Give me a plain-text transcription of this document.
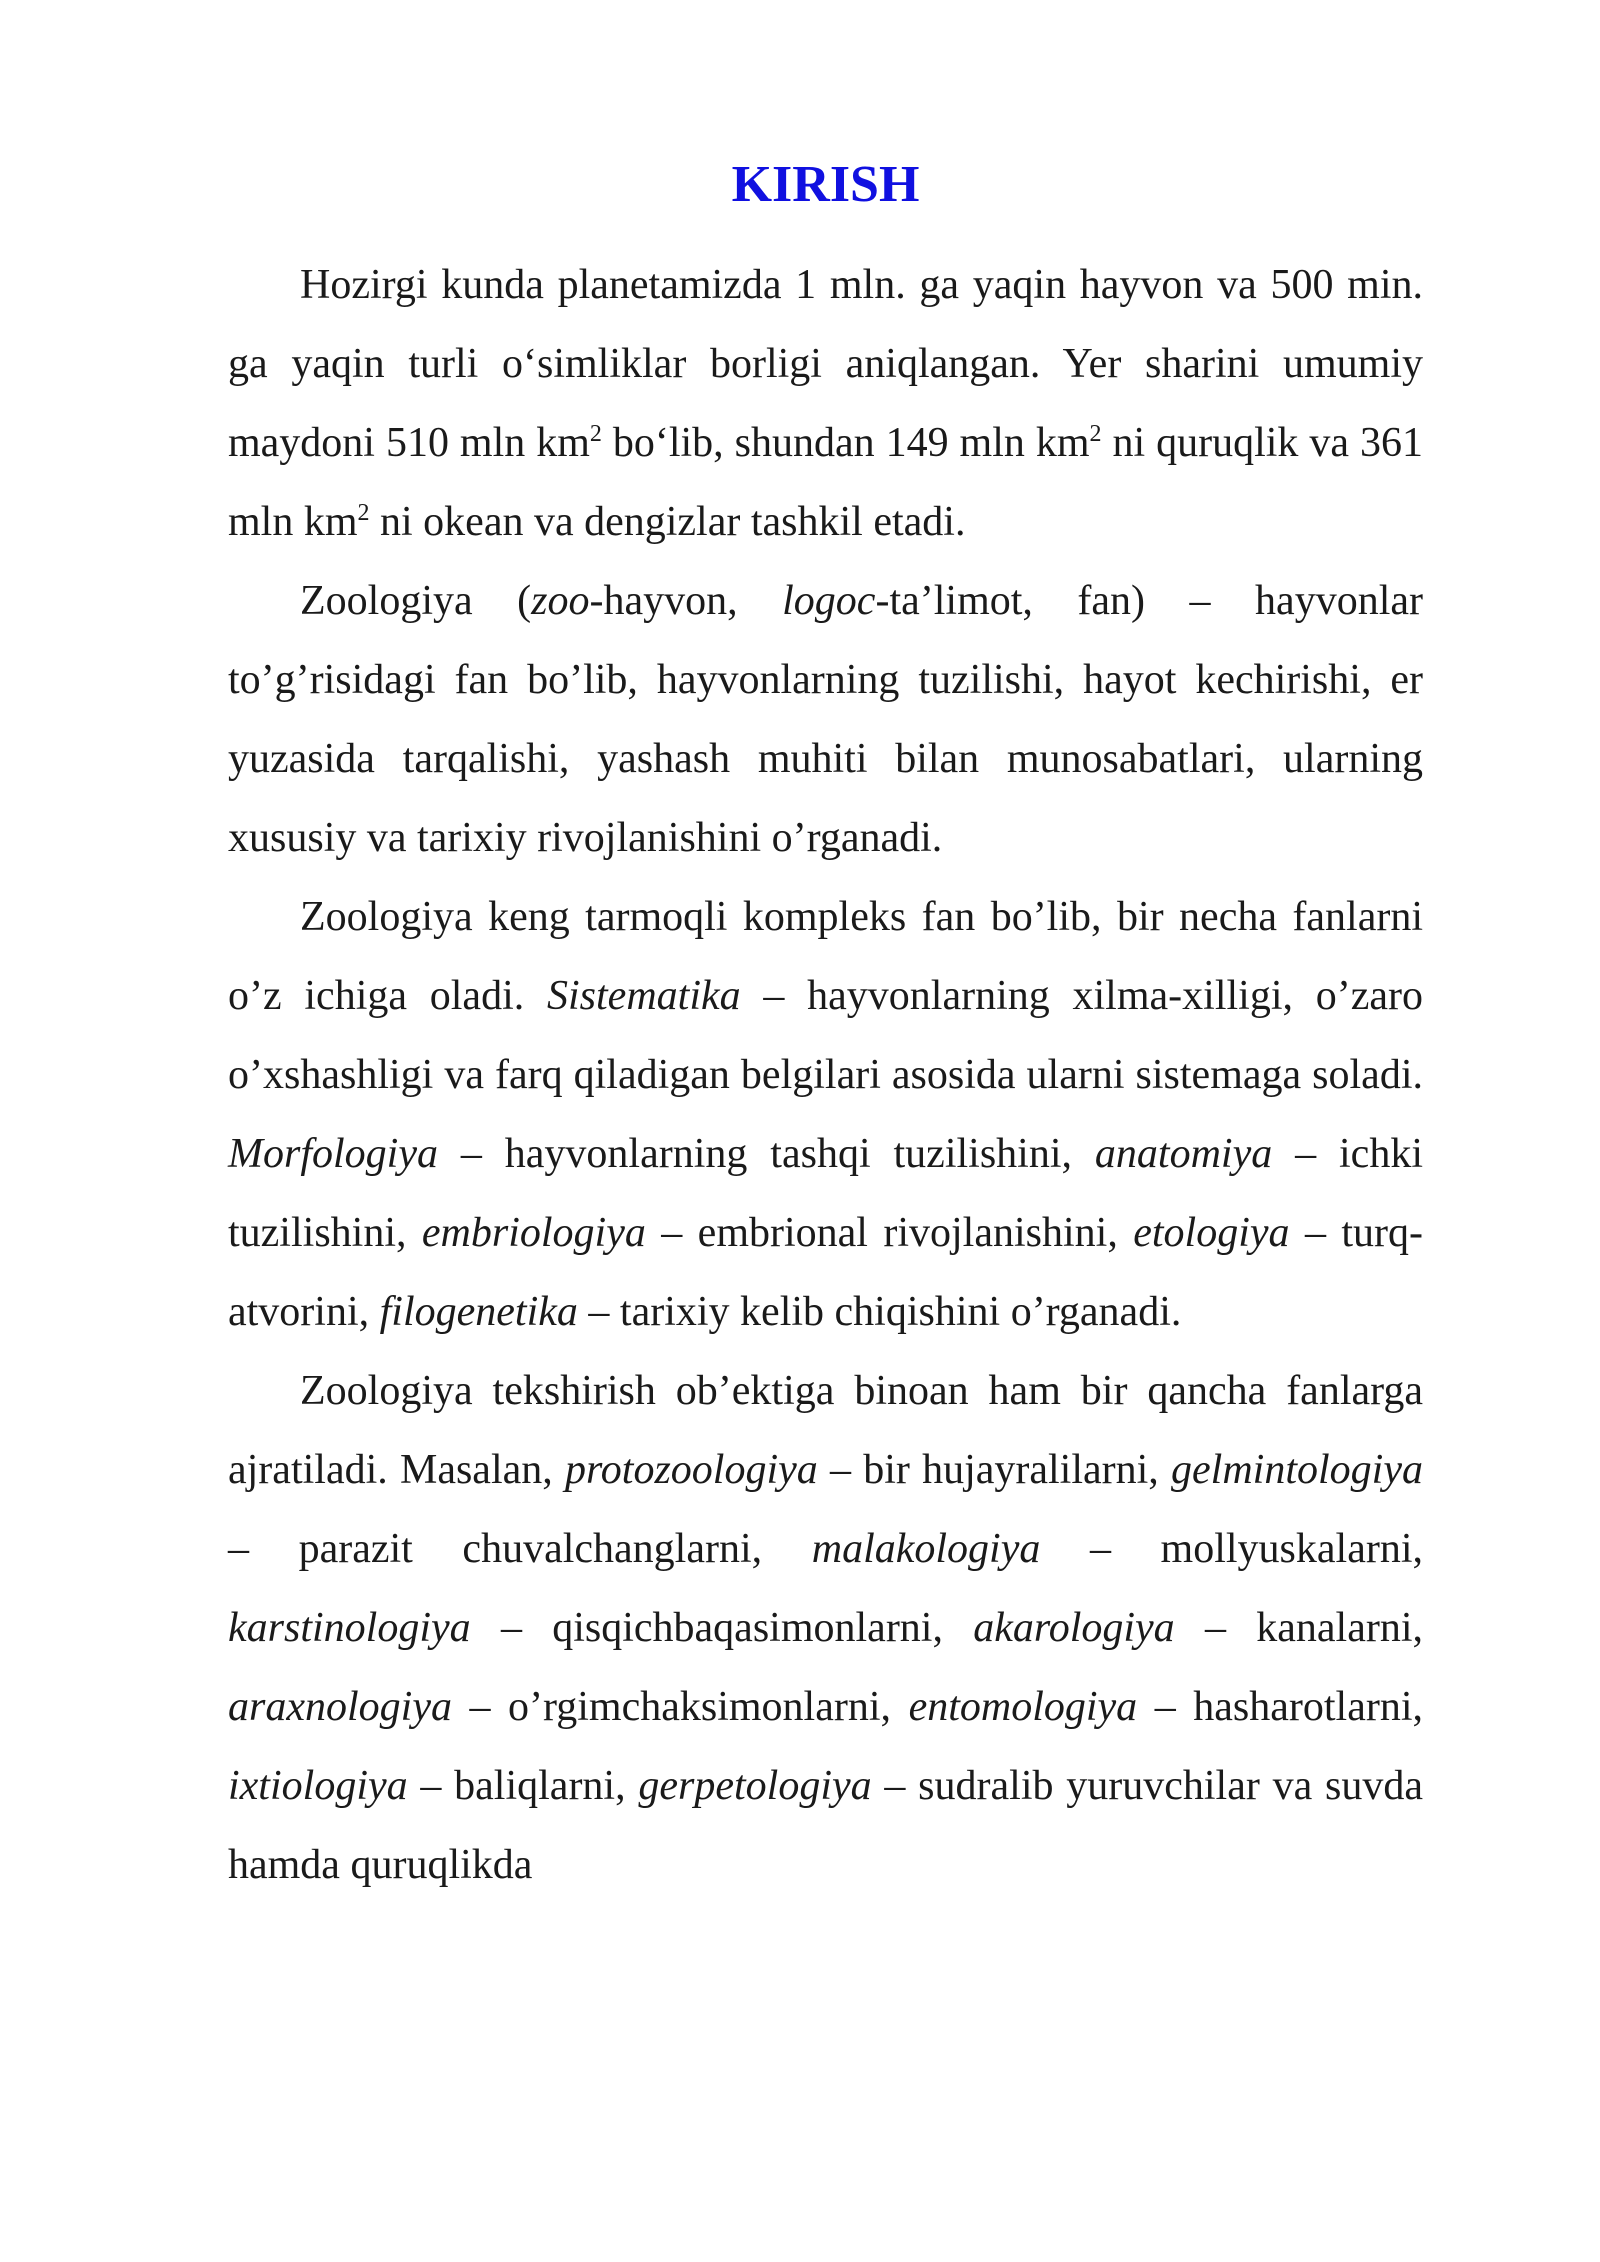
KIRISH

Hozirgi kunda planetamizda 1 mln. ga yaqin hayvon va 500 min. ga yaqin turli o‘simliklar borligi aniqlangan. Yer sharini umumiy maydoni 510 mln $km^2$ bo‘lib, shundan 149 mln $km^2$ ni quruqlik va 361 mln $km^2$ ni okean va dengizlar tashkil etadi.

Zoologiya (zoo-hayvon, logoc-ta’limot, fan) – hayvonlar to’g’risidagi fan bo’lib, hayvonlarning tuzilishi, hayot kechirishi, er yuzasida tarqalishi, yashash muhiti bilan munosabatlari, ularning xususiy va tarixiy rivojlanishini o’rganadi.

Zoologiya keng tarmoqli kompleks fan bo’lib, bir necha fanlarni o’z ichiga oladi. Sistematika – hayvonlarning xilma-xilligi, o’zaro o’xshashligi va farq qiladigan belgilari asosida ularni sistemaga soladi. Morfologiya – hayvonlarning tashqi tuzilishini, anatomiya – ichki tuzilishini, embriologiya – embrional rivojlanishini, etologiya – turq-atvorini, filogenetika – tarixiy kelib chiqishini o’rganadi.

Zoologiya tekshirish ob’ektiga binoan ham bir qancha fanlarga ajratiladi. Masalan, protozoologiya – bir hujayralilarni, gelmintologiya – parazit chuvalchanglarni, malakologiya – mollyuskalarni, karstinologiya – qisqichbaqasimonlarni, akarologiya – kanalarni, araxnologiya – o’rgimchaksimonlarni, entomologiya – hasharotlarni, ixtiologiya – baliqlarni, gerpetologiya – sudralib yuruvchilar va suvda hamda quruqlikda
